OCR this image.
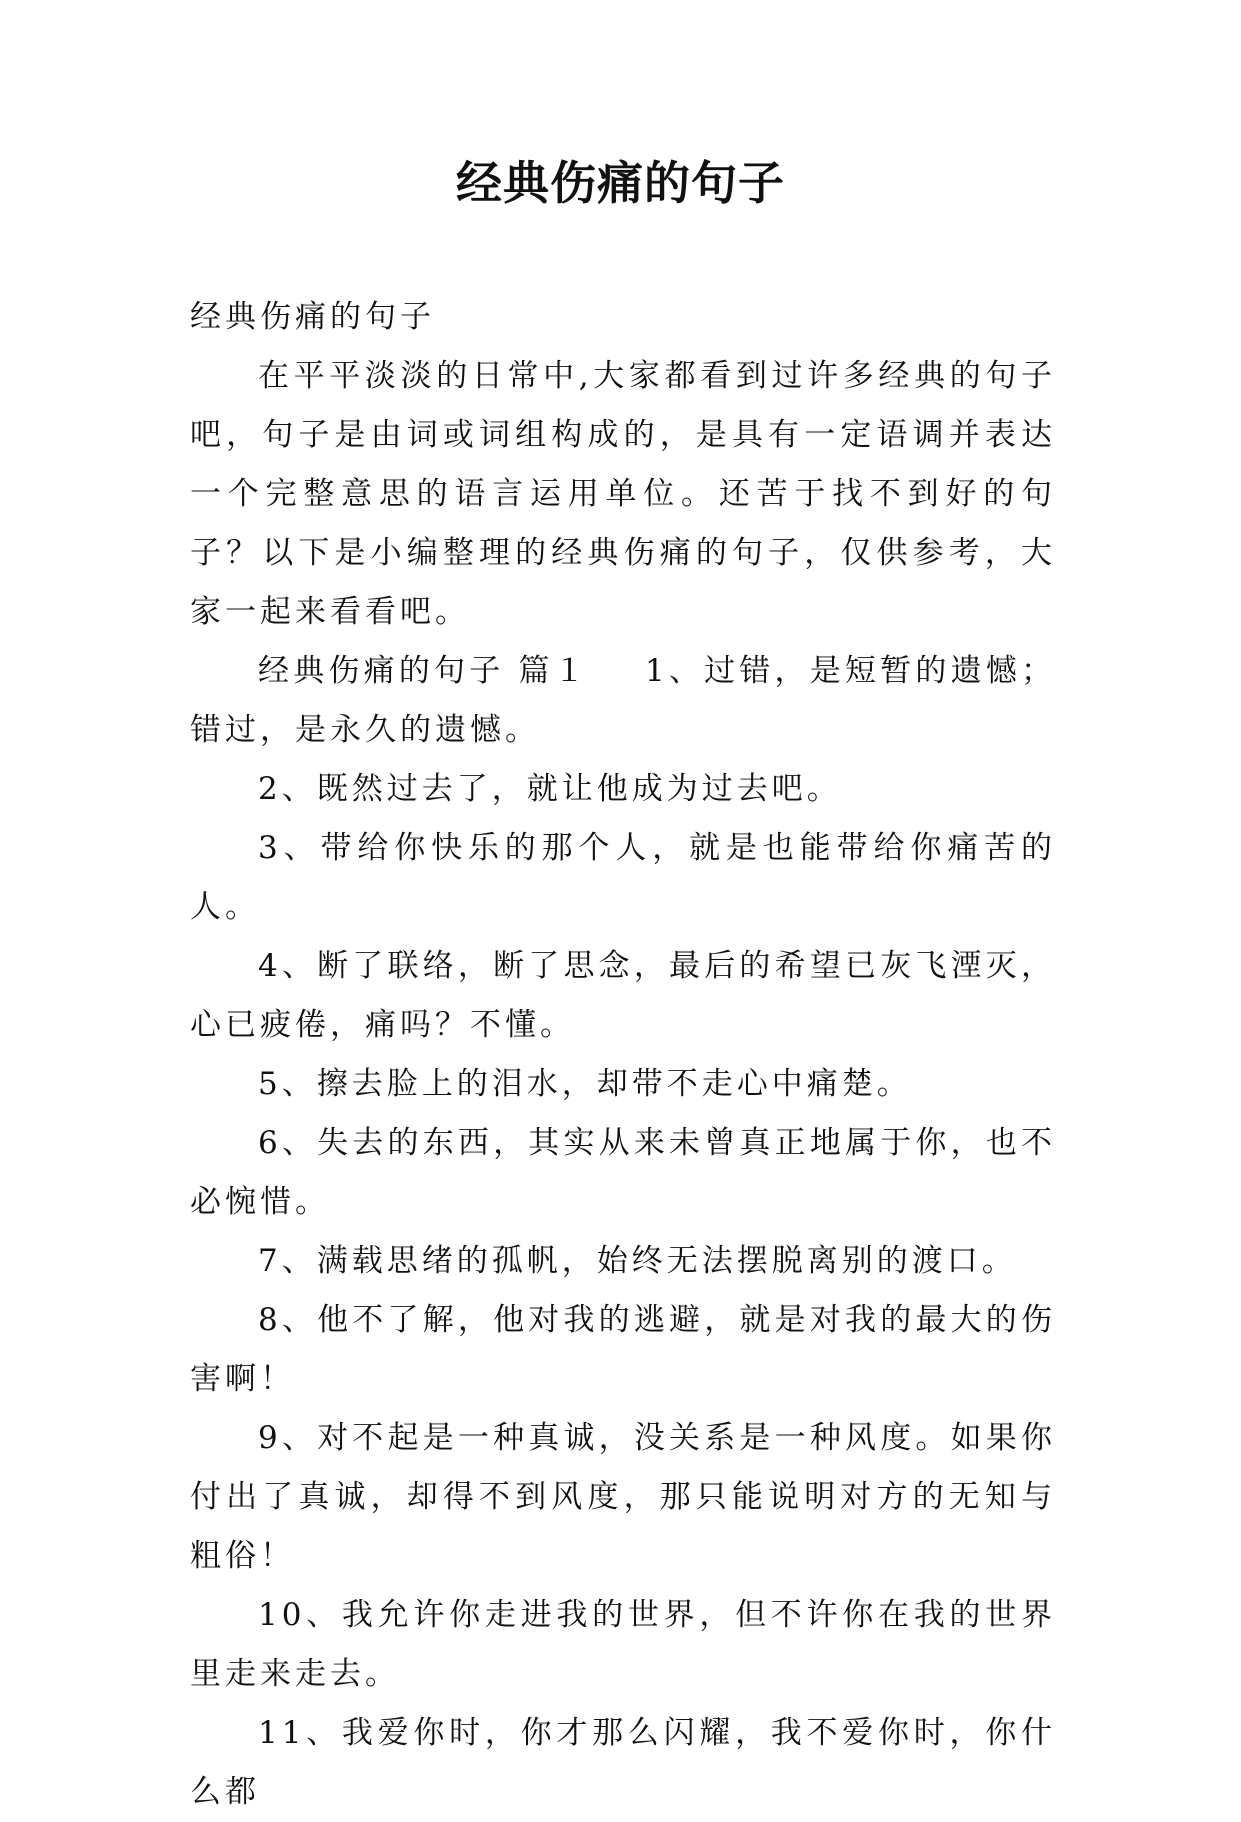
经典伤痛的句子

经典伤痛的句子

在平平淡淡的日常中,大家都看到过许多经典的句子吧，句子是由词或词组构成的，是具有一定语调并表达一个完整意思的语言运用单位。还苦于找不到好的句子？以下是小编整理的经典伤痛的句子，仅供参考，大家一起来看看吧。

经典伤痛的句子 篇１ 1、过错，是短暂的遗憾；错过，是永久的遗憾。

2、既然过去了，就让他成为过去吧。

3、带给你快乐的那个人，就是也能带给你痛苦的人。

4、断了联络，断了思念，最后的希望已灰飞湮灭，心已疲倦，痛吗？不懂。

5、擦去脸上的泪水，却带不走心中痛楚。

6、失去的东西，其实从来未曾真正地属于你，也不必惋惜。

7、满载思绪的孤帆，始终无法摆脱离别的渡口。

8、他不了解，他对我的逃避，就是对我的最大的伤害啊！

9、对不起是一种真诚，没关系是一种风度。如果你付出了真诚，却得不到风度，那只能说明对方的无知与粗俗！

10、我允许你走进我的世界，但不许你在我的世界里走来走去。

11、我爱你时，你才那么闪耀，我不爱你时，你什么都
